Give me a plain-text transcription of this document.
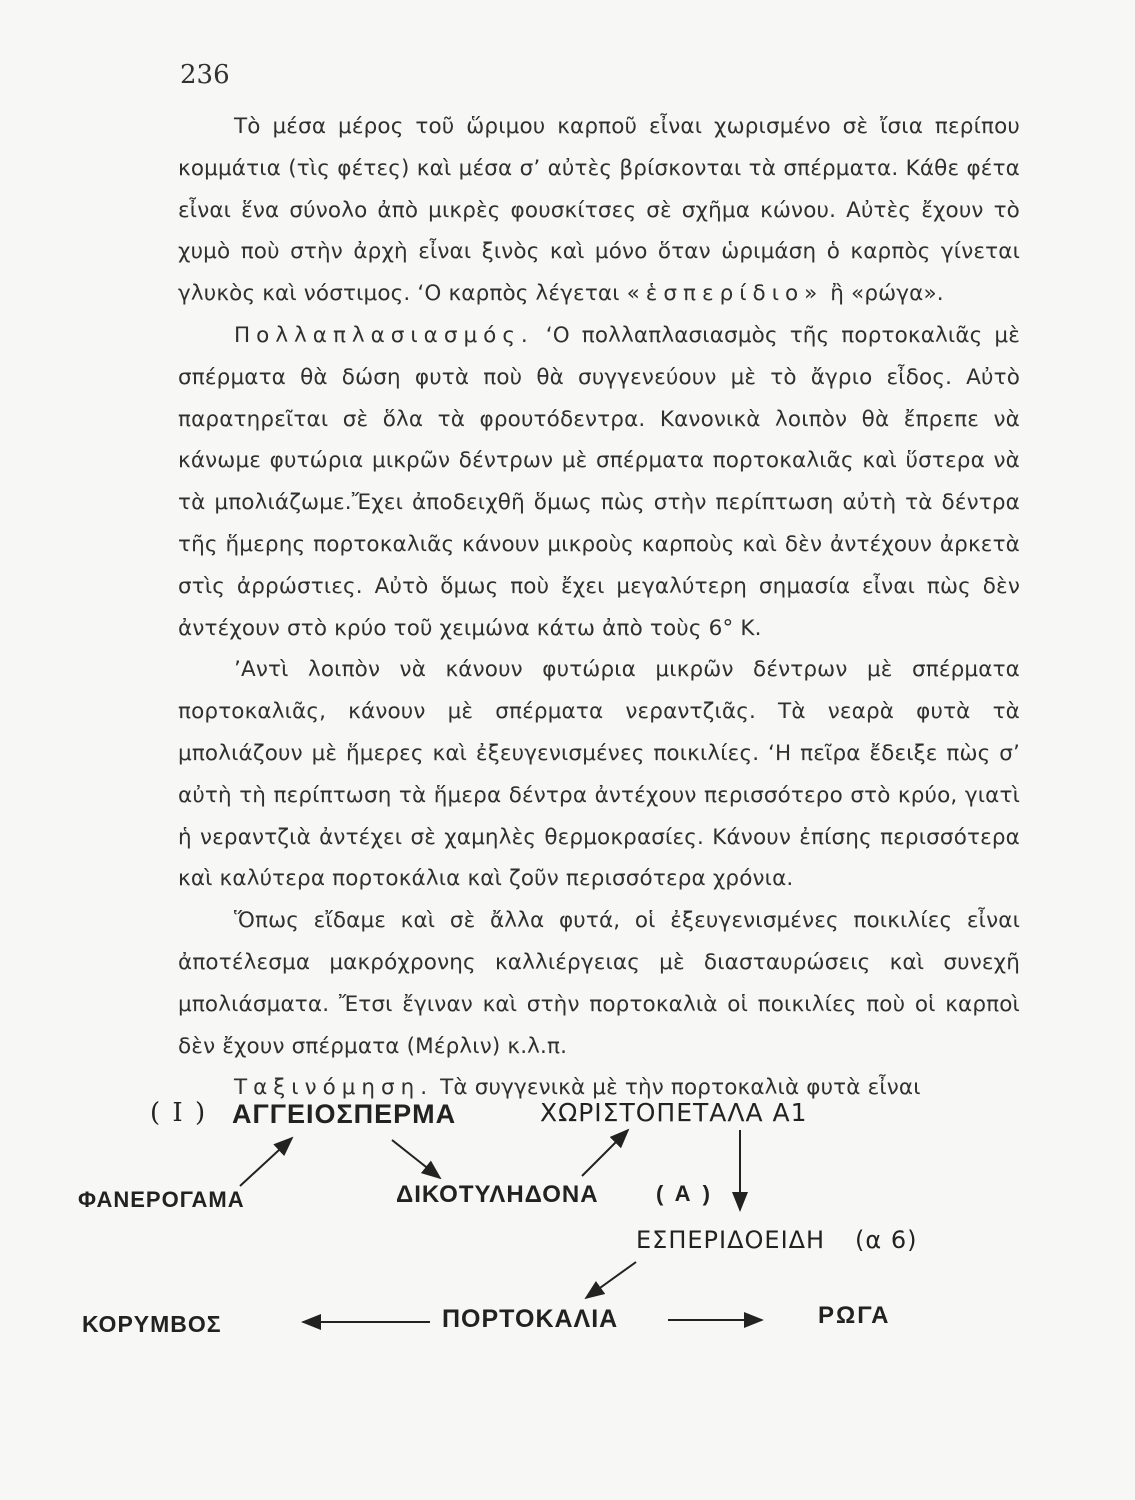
236

Τὸ μέσα μέρος τοῦ ὥριμου καρποῦ εἶναι χωρισμένο σὲ ἴσια περίπου κομμάτια (τὶς φέτες) καὶ μέσα σ’ αὐτὲς βρίσκονται τὰ σπέρματα. Κάθε φέτα εἶναι ἕνα σύνολο ἀπὸ μικρὲς φουσκίτσες σὲ σχῆμα κώνου. Αὐτὲς ἔχουν τὸ χυμὸ ποὺ στὴν ἀρχὴ εἶναι ξινὸς καὶ μόνο ὅταν ὡριμάση ὁ καρπὸς γίνεται γλυκὸς καὶ νόστιμος. ‘Ο καρπὸς λέγεται «ἑσπερίδιο» ἢ «ρώγα».

Πολλαπλασιασμός. ‘Ο πολλαπλασιασμὸς τῆς πορτοκαλιᾶς μὲ σπέρματα θὰ δώση φυτὰ ποὺ θὰ συγγενεύουν μὲ τὸ ἄγριο εἶδος. Αὐτὸ παρατηρεῖται σὲ ὅλα τὰ φρουτόδεντρα. Κανονικὰ λοιπὸν θὰ ἔπρεπε νὰ κάνωμε φυτώρια μικρῶν δέντρων μὲ σπέρματα πορτοκαλιᾶς καὶ ὕστερα νὰ τὰ μπολιάζωμε.Ἔχει ἀποδειχθῆ ὅμως πὼς στὴν περίπτωση αὐτὴ τὰ δέντρα τῆς ἥμερης πορτοκαλιᾶς κάνουν μικροὺς καρποὺς καὶ δὲν ἀντέχουν ἀρκετὰ στὶς ἀρρώστιες. Αὐτὸ ὅμως ποὺ ἔχει μεγαλύτερη σημασία εἶναι πὼς δὲν ἀντέχουν στὸ κρύο τοῦ χειμώνα κάτω ἀπὸ τοὺς 6° Κ.

’Αντὶ λοιπὸν νὰ κάνουν φυτώρια μικρῶν δέντρων μὲ σπέρματα πορτοκαλιᾶς, κάνουν μὲ σπέρματα νεραντζιᾶς. Τὰ νεαρὰ φυτὰ τὰ μπολιάζουν μὲ ἥμερες καὶ ἐξευγενισμένες ποικιλίες. ‘Η πεῖρα ἔδειξε πὼς σ’ αὐτὴ τὴ περίπτωση τὰ ἥμερα δέντρα ἀντέχουν περισσότερο στὸ κρύο, γιατὶ ἡ νεραντζιὰ ἀντέχει σὲ χαμηλὲς θερμοκρασίες. Κάνουν ἐπίσης περισσότερα καὶ καλύτερα πορτοκάλια καὶ ζοῦν περισσότερα χρόνια.

Ὅπως εἴδαμε καὶ σὲ ἄλλα φυτά, οἱ ἐξευγενισμένες ποικιλίες εἶναι ἀποτέλεσμα μακρόχρονης καλλιέργειας μὲ διασταυρώσεις καὶ συνεχῆ μπολιάσματα. Ἔτσι ἔγιναν καὶ στὴν πορτοκαλιὰ οἱ ποικιλίες ποὺ οἱ καρποὶ δὲν ἔχουν σπέρματα (Μέρλιν) κ.λ.π.

Ταξινόμηση. Τὰ συγγενικὰ μὲ τὴν πορτοκαλιὰ φυτὰ εἶναι

( I ) ΑΓΓΕΙΟΣΠΕΡΜΑ	ΧΩΡΙΣΤΟΠΕΤΑΛΑ Α1
ΦΑΝΕΡΟΓΑΜΑ	ΔΙΚΟΤΥΛΗΔΟΝΑ	( Α )
ΕΣΠΕΡΙΔΟΕΙΔΗ (α 6)
ΚΟΡΥΜΒΟΣ	ΠΟΡΤΟΚΑΛΙΑ	ΡΩΓΑ
